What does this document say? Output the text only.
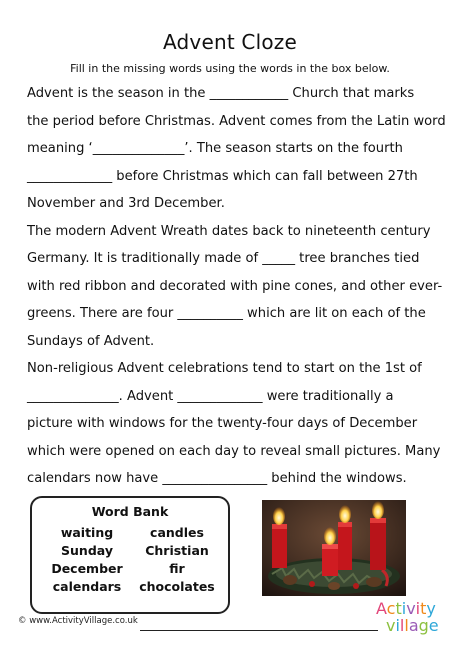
Advent Cloze
Fill in the missing words using the words in the box below.
Advent is the season in the ____________ Church that marks
the period before Christmas. Advent comes from the Latin word
meaning ‘______________’. The season starts on the fourth
_____________ before Christmas which can fall between 27th
November and 3rd December.
The modern Advent Wreath dates back to nineteenth century
Germany. It is traditionally made of _____ tree branches tied
with red ribbon and decorated with pine cones, and other ever-
greens. There are four __________ which are lit on each of the
Sundays of Advent.
Non-religious Advent celebrations tend to start on the 1st of
______________. Advent _____________ were traditionally a
picture with windows for the twenty-four days of December
which were opened on each day to reveal small pictures. Many
calendars now have ________________ behind the windows.
Word Bank
waiting	candles
Sunday	Christian
December	fir
calendars	chocolates
© www.ActivityVillage.co.uk
Activity
village
